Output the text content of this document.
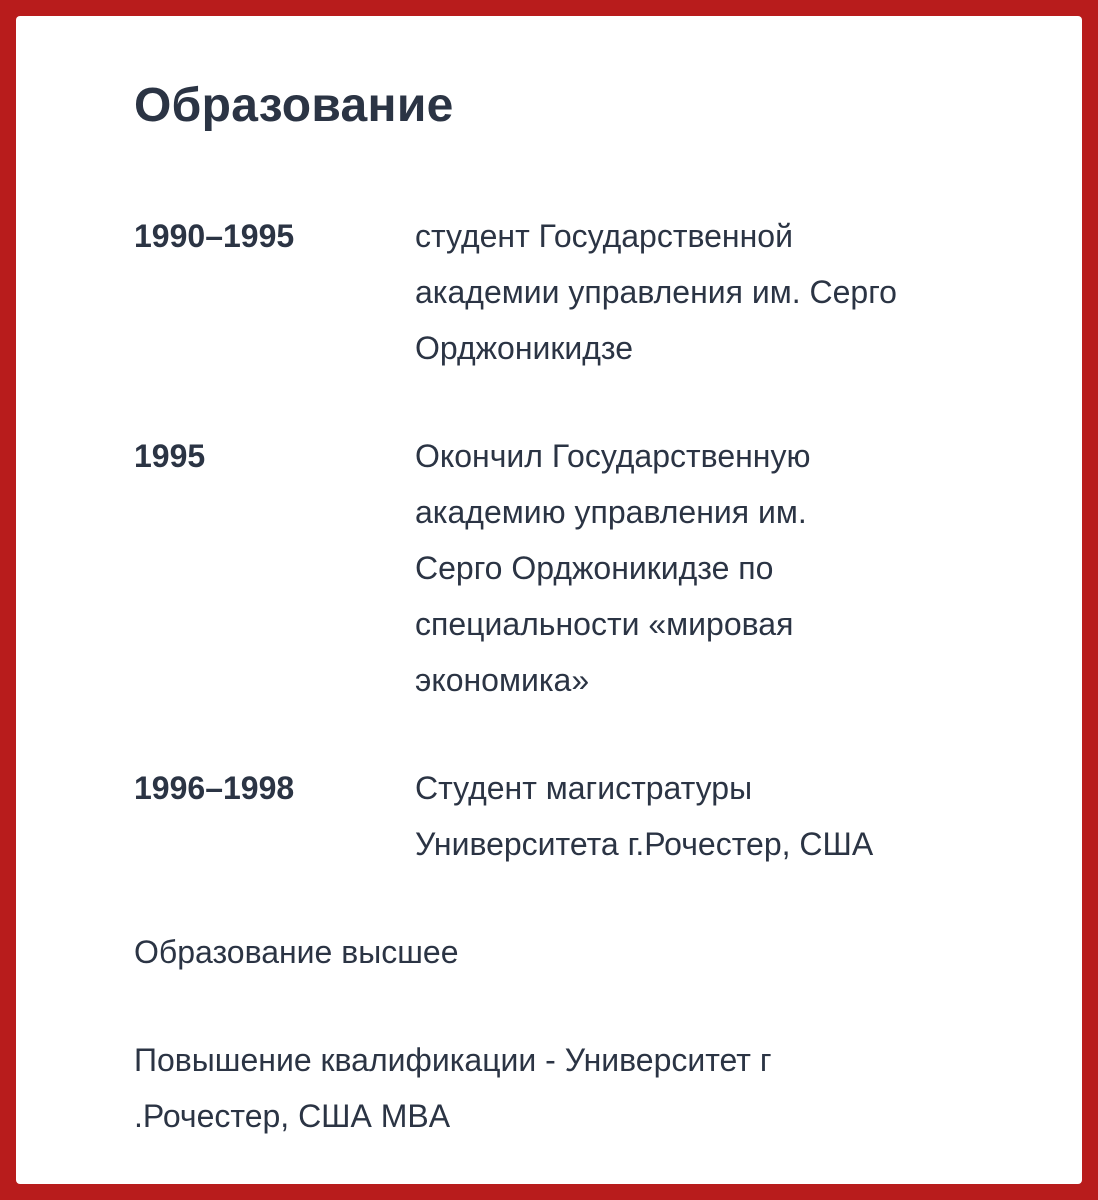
Образование
1990–1995	студент Государственной
академии управления им. Серго
Орджоникидзе
1995	Окончил Государственную
академию управления им.
Серго Орджоникидзе по
специальности «мировая
экономика»
1996–1998	Студент магистратуры
Университета г.Рочестер, США

Образование высшее

Повышение квалификации - Университет г
.Рочестер, США MBA
